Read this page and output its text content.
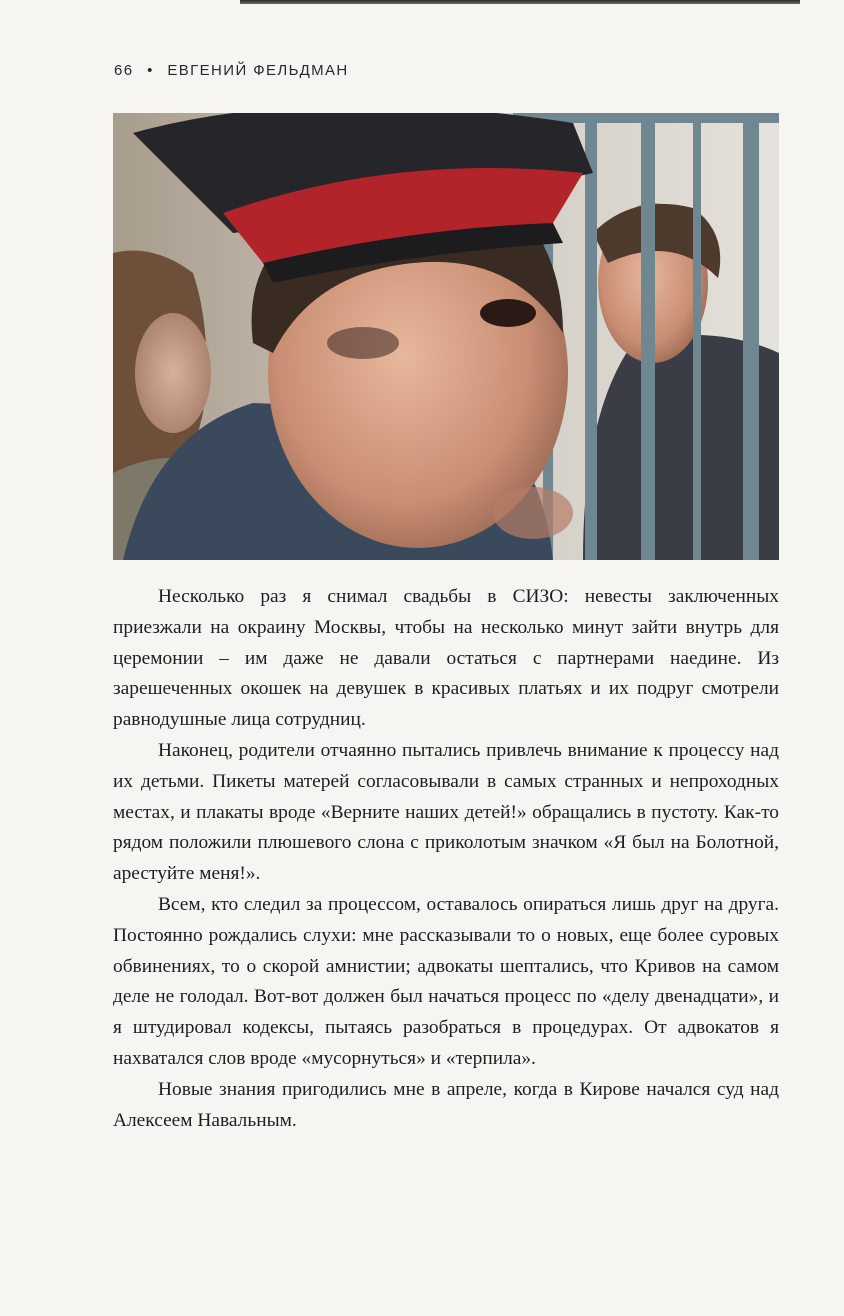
66 • ЕВГЕНИЙ ФЕЛЬДМАН

Несколько раз я снимал свадьбы в СИЗО: невесты заключенных приезжали на окраину Москвы, чтобы на несколько минут зайти внутрь для церемонии – им даже не давали остаться с партнерами наедине. Из зарешеченных окошек на девушек в красивых платьях и их подруг смотрели равнодушные лица сотрудниц.

Наконец, родители отчаянно пытались привлечь внимание к процессу над их детьми. Пикеты матерей согласовывали в самых странных и непроходных местах, и плакаты вроде «Верните наших детей!» обращались в пустоту. Как-то рядом положили плюшевого слона с приколотым значком «Я был на Болотной, арестуйте меня!».

Всем, кто следил за процессом, оставалось опираться лишь друг на друга. Постоянно рождались слухи: мне рассказывали то о новых, еще более суровых обвинениях, то о скорой амнистии; адвокаты шептались, что Кривов на самом деле не голодал. Вот-вот должен был начаться процесс по «делу двенадцати», и я штудировал кодексы, пытаясь разобраться в процедурах. От адвокатов я нахватался слов вроде «мусорнуться» и «терпила».

Новые знания пригодились мне в апреле, когда в Кирове начался суд над Алексеем Навальным.
